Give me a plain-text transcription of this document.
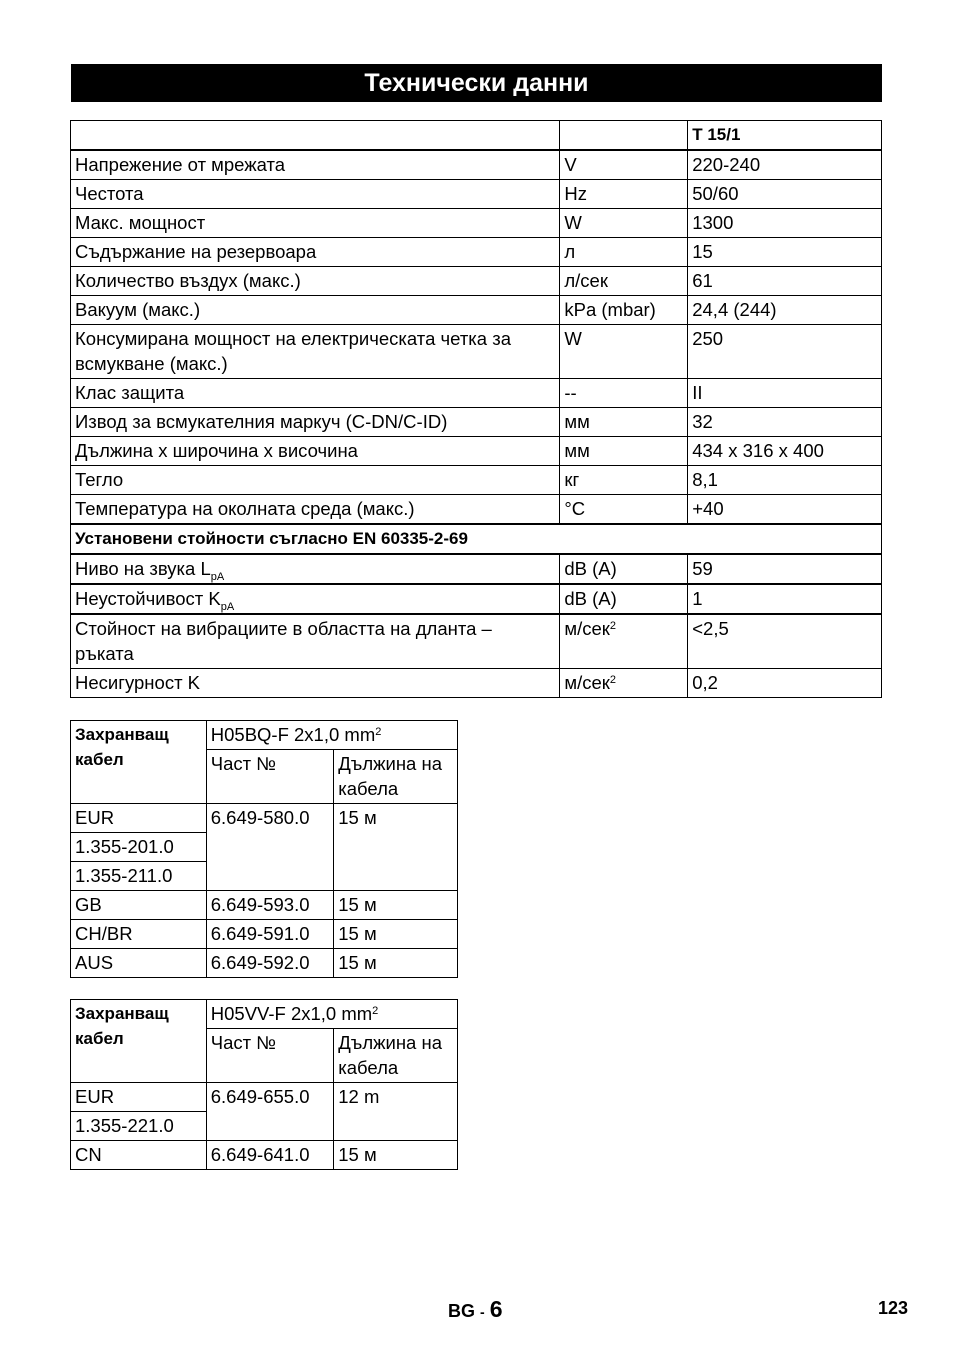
Технически данни
		T 15/1
Напрежение от мрежата	V	220-240
Честота	Hz	50/60
Макс. мощност	W	1300
Съдържание на резервоара	л	15
Количество въздух (макс.)	л/сек	61
Вакуум (макс.)	kPa (mbar)	24,4 (244)
Консумирана мощност на електрическата четка за всмукване (макс.)	W	250
Клас защита	--	II
Извод за всмукателния маркуч (C-DN/C-ID)	мм	32
Дължина х широчина х височина	мм	434 x 316 x 400
Тегло	кг	8,1
Температура на околната среда (макс.)	°C	+40
Установени стойности съгласно EN 60335-2-69		
Ниво на звука $L_{pA}$	dB (A)	59
Неустойчивост $K_{pA}$	dB (A)	1
Стойност на вибрациите в областта на дланта – ръката	м/сек$^2$	<2,5
Несигурност K	м/сек$^2$	0,2
Захранващ кабел	H05BQ-F 2x1,0 $mm^2$
	Част №	Дължина на кабела
EUR	6.649-580.0	15 м
1.355-201.0		
1.355-211.0		
GB	6.649-593.0	15 м
CH/BR	6.649-591.0	15 м
AUS	6.649-592.0	15 м
Захранващ кабел	H05VV-F 2x1,0 $mm^2$
	Част №	Дължина на кабела
EUR	6.649-655.0	12 m
1.355-221.0		
CN	6.649-641.0	15 м
BG - 6	123
